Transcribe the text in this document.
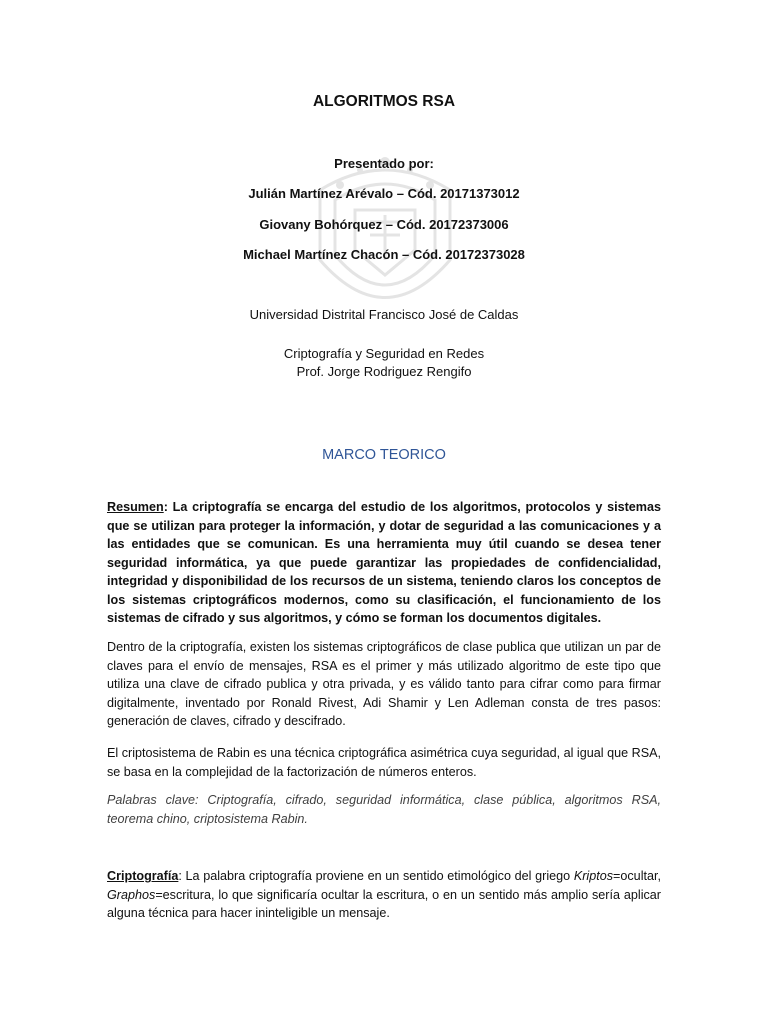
ALGORITMOS RSA
Presentado por:
Julián Martínez Arévalo – Cód. 20171373012
Giovany Bohórquez – Cód. 20172373006
Michael Martínez Chacón – Cód. 20172373028
Universidad Distrital Francisco José de Caldas
Criptografía y Seguridad en Redes
Prof. Jorge Rodriguez Rengifo
MARCO TEORICO

Resumen: La criptografía se encarga del estudio de los algoritmos, protocolos y sistemas que se utilizan para proteger la información, y dotar de seguridad a las comunicaciones y a las entidades que se comunican. Es una herramienta muy útil cuando se desea tener seguridad informática, ya que puede garantizar las propiedades de confidencialidad, integridad y disponibilidad de los recursos de un sistema, teniendo claros los conceptos de los sistemas criptográficos modernos, como su clasificación, el funcionamiento de los sistemas de cifrado y sus algoritmos, y cómo se forman los documentos digitales.

Dentro de la criptografía, existen los sistemas criptográficos de clase publica que utilizan un par de claves para el envío de mensajes, RSA es el primer y más utilizado algoritmo de este tipo que utiliza una clave de cifrado publica y otra privada, y es válido tanto para cifrar como para firmar digitalmente, inventado por Ronald Rivest, Adi Shamir y Len Adleman consta de tres pasos: generación de claves, cifrado y descifrado.

El criptosistema de Rabin es una técnica criptográfica asimétrica cuya seguridad, al igual que RSA, se basa en la complejidad de la factorización de números enteros.

Palabras clave: Criptografía, cifrado, seguridad informática, clase pública, algoritmos RSA, teorema chino, criptosistema Rabin.

Criptografía: La palabra criptografía proviene en un sentido etimológico del griego Kriptos=ocultar, Graphos=escritura, lo que significaría ocultar la escritura, o en un sentido más amplio sería aplicar alguna técnica para hacer ininteligible un mensaje.
